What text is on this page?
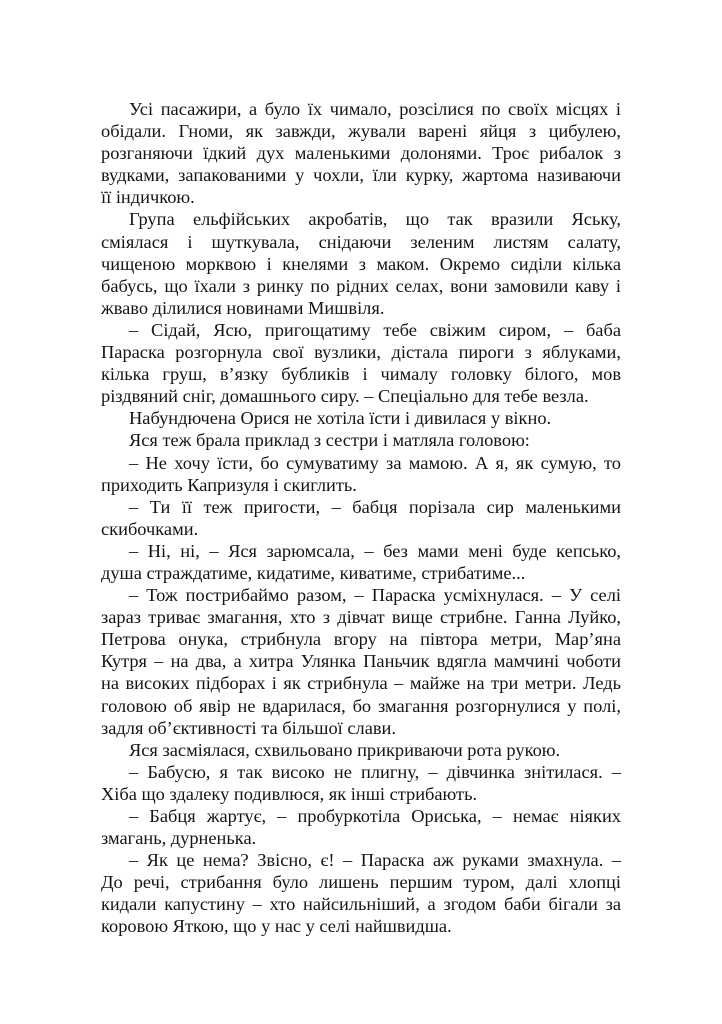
Усі пасажири, а було їх чимало, розсілися по своїх місцях і
обідали. Гноми, як завжди, жували варені яйця з цибулею,
розганяючи їдкий дух маленькими долонями. Троє рибалок з
вудками, запакованими у чохли, їли курку, жартома називаючи
її індичкою.

Група ельфійських акробатів, що так вразили Яську,
сміялася і шуткувала, снідаючи зеленим листям салату,
чищеною морквою і кнелями з маком. Окремо сиділи кілька
бабусь, що їхали з ринку по рідних селах, вони замовили каву і
жваво ділилися новинами Мишвіля.

– Сідай, Ясю, пригощатиму тебе свіжим сиром, – баба
Параска розгорнула свої вузлики, дістала пироги з яблуками,
кілька груш, в’язку бубликів і чималу головку білого, мов
різдвяний сніг, домашнього сиру. – Спеціально для тебе везла.

Набундючена Орися не хотіла їсти і дивилася у вікно.

Яся теж брала приклад з сестри і матляла головою:

– Не хочу їсти, бо сумуватиму за мамою. А я, як сумую, то
приходить Капризуля і скиглить.

– Ти її теж пригости, – бабця порізала сир маленькими
скибочками.

– Ні, ні, – Яся зарюмсала, – без мами мені буде кепсько,
душа страждатиме, кидатиме, киватиме, стрибатиме...

– Тож пострибаймо разом, – Параска усміхнулася. – У селі
зараз триває змагання, хто з дівчат вище стрибне. Ганна Луйко,
Петрова онука, стрибнула вгору на півтора метри, Мар’яна
Кутря – на два, а хитра Улянка Паньчик вдягла мамчині чоботи
на високих підборах і як стрибнула – майже на три метри. Ледь
головою об явір не вдарилася, бо змагання розгорнулися у полі,
задля об’єктивності та більшої слави.

Яся засміялася, схвильовано прикриваючи рота рукою.

– Бабусю, я так високо не плигну, – дівчинка знітилася. –
Хіба що здалеку подивлюся, як інші стрибають.

– Бабця жартує, – пробуркотіла Ориська, – немає ніяких
змагань, дурненька.

– Як це нема? Звісно, є! – Параска аж руками змахнула. –
До речі, стрибання було лишень першим туром, далі хлопці
кидали капустину – хто найсильніший, а згодом баби бігали за
коровою Яткою, що у нас у селі найшвидша.
